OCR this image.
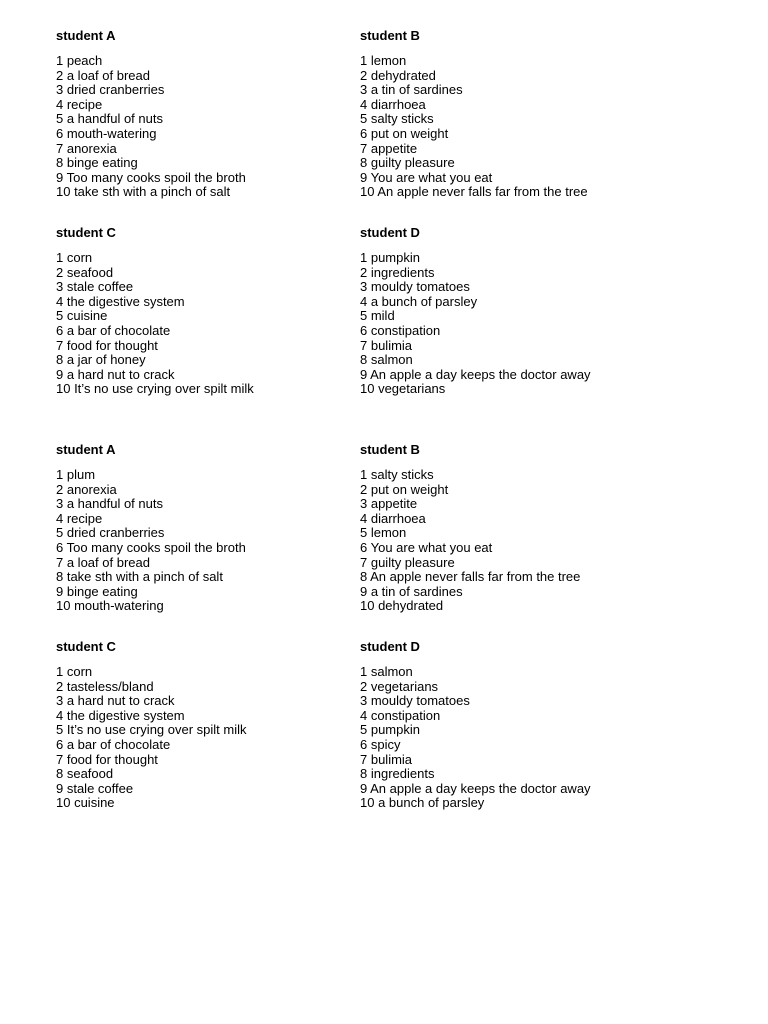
student A
1 peach
2 a loaf of bread
3 dried cranberries
4 recipe
5 a handful of nuts
6 mouth-watering
7 anorexia
8 binge eating
9 Too many cooks spoil the broth
10 take sth with a pinch of salt
student B
1 lemon
2 dehydrated
3 a tin of sardines
4 diarrhoea
5 salty sticks
6 put on weight
7 appetite
8 guilty pleasure
9 You are what you eat
10 An apple never falls far from the tree
student C
1 corn
2 seafood
3 stale coffee
4 the digestive system
5 cuisine
6 a bar of chocolate
7 food for thought
8 a jar of honey
9 a hard nut to crack
10 It’s no use crying over spilt milk
student D
1 pumpkin
2 ingredients
3 mouldy tomatoes
4 a bunch of parsley
5 mild
6 constipation
7 bulimia
8 salmon
9 An apple a day keeps the doctor away
10 vegetarians
student A
1 plum
2 anorexia
3 a handful of nuts
4 recipe
5 dried cranberries
6 Too many cooks spoil the broth
7 a loaf of bread
8 take sth with a pinch of salt
9 binge eating
10 mouth-watering
student B
1 salty sticks
2 put on weight
3 appetite
4 diarrhoea
5 lemon
6 You are what you eat
7 guilty pleasure
8 An apple never falls far from the tree
9 a tin of sardines
10 dehydrated
student C
1 corn
2 tasteless/bland
3 a hard nut to crack
4 the digestive system
5 It’s no use crying over spilt milk
6 a bar of chocolate
7 food for thought
8 seafood
9 stale coffee
10 cuisine
student D
1 salmon
2 vegetarians
3 mouldy tomatoes
4 constipation
5 pumpkin
6 spicy
7 bulimia
8 ingredients
9 An apple a day keeps the doctor away
10 a bunch of parsley
